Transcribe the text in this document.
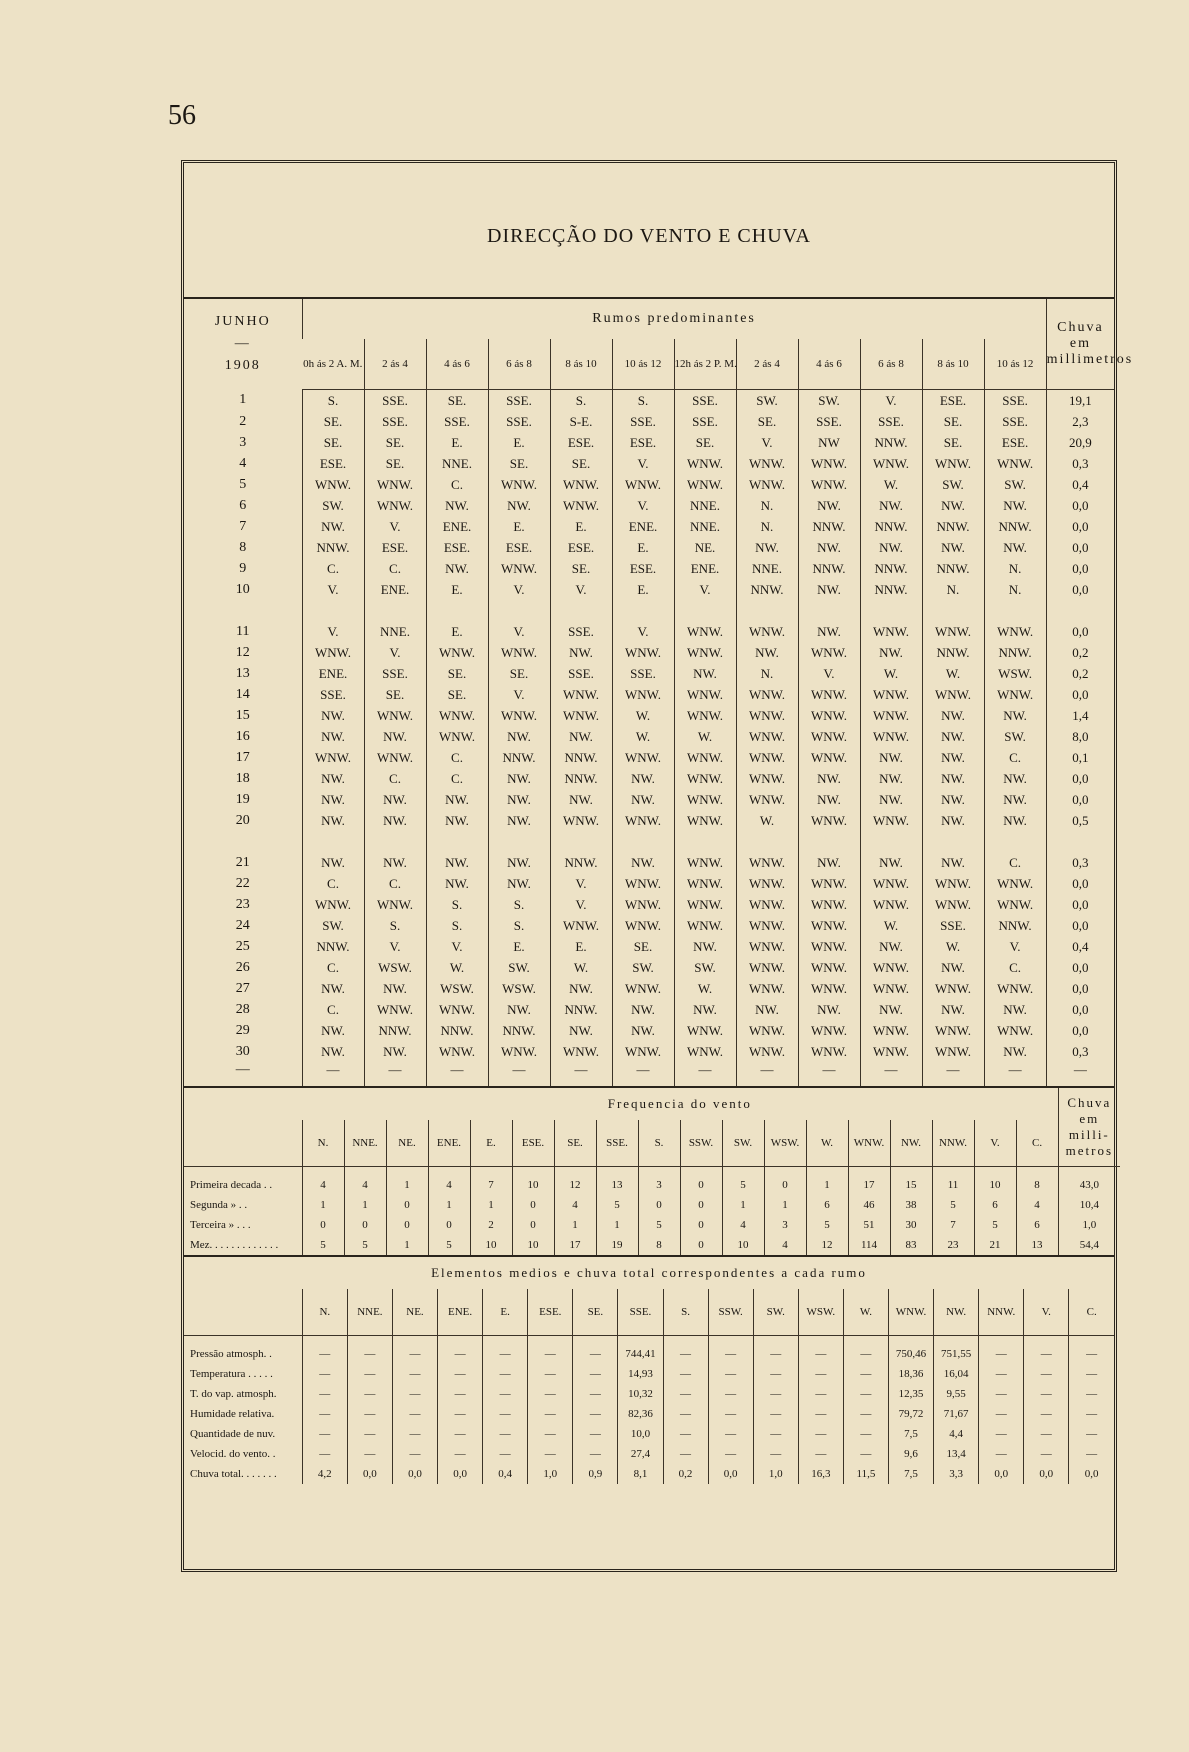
56
DIRECÇÃO DO VENTO E CHUVA
JUNHO
—
1908	Rumos predominantes												Chuva em millimetros
	0h ás 2 A. M.	2 ás 4	4 ás 6	6 ás 8	8 ás 10	10 ás 12	12h ás 2 P. M.	2 ás 4	4 ás 6	6 ás 8	8 ás 10	10 ás 12	
1	S.	SSE.	SE.	SSE.	S.	S.	SSE.	SW.	SW.	V.	ESE.	SSE.	19,1
2	SE.	SSE.	SSE.	SSE.	S-E.	SSE.	SSE.	SE.	SSE.	SSE.	SE.	SSE.	2,3
3	SE.	SE.	E.	E.	ESE.	ESE.	SE.	V.	NW	NNW.	SE.	ESE.	20,9
4	ESE.	SE.	NNE.	SE.	SE.	V.	WNW.	WNW.	WNW.	WNW.	WNW.	WNW.	0,3
5	WNW.	WNW.	C.	WNW.	WNW.	WNW.	WNW.	WNW.	WNW.	W.	SW.	SW.	0,4
6	SW.	WNW.	NW.	NW.	WNW.	V.	NNE.	N.	NW.	NW.	NW.	NW.	0,0
7	NW.	V.	ENE.	E.	E.	ENE.	NNE.	N.	NNW.	NNW.	NNW.	NNW.	0,0
8	NNW.	ESE.	ESE.	ESE.	ESE.	E.	NE.	NW.	NW.	NW.	NW.	NW.	0,0
9	C.	C.	NW.	WNW.	SE.	ESE.	ENE.	NNE.	NNW.	NNW.	NNW.	N.	0,0
10	V.	ENE.	E.	V.	V.	E.	V.	NNW.	NW.	NNW.	N.	N.	0,0

11	V.	NNE.	E.	V.	SSE.	V.	WNW.	WNW.	NW.	WNW.	WNW.	WNW.	0,0
12	WNW.	V.	WNW.	WNW.	NW.	WNW.	WNW.	NW.	WNW.	NW.	NNW.	NNW.	0,2
13	ENE.	SSE.	SE.	SE.	SSE.	SSE.	NW.	N.	V.	W.	W.	WSW.	0,2
14	SSE.	SE.	SE.	V.	WNW.	WNW.	WNW.	WNW.	WNW.	WNW.	WNW.	WNW.	0,0
15	NW.	WNW.	WNW.	WNW.	WNW.	W.	WNW.	WNW.	WNW.	WNW.	NW.	NW.	1,4
16	NW.	NW.	WNW.	NW.	NW.	W.	W.	WNW.	WNW.	WNW.	NW.	SW.	8,0
17	WNW.	WNW.	C.	NNW.	NNW.	WNW.	WNW.	WNW.	WNW.	NW.	NW.	C.	0,1
18	NW.	C.	C.	NW.	NNW.	NW.	WNW.	WNW.	NW.	NW.	NW.	NW.	0,0
19	NW.	NW.	NW.	NW.	NW.	NW.	WNW.	WNW.	NW.	NW.	NW.	NW.	0,0
20	NW.	NW.	NW.	NW.	WNW.	WNW.	WNW.	W.	WNW.	WNW.	NW.	NW.	0,5

21	NW.	NW.	NW.	NW.	NNW.	NW.	WNW.	WNW.	NW.	NW.	NW.	C.	0,3
22	C.	C.	NW.	NW.	V.	WNW.	WNW.	WNW.	WNW.	WNW.	WNW.	WNW.	0,0
23	WNW.	WNW.	S.	S.	V.	WNW.	WNW.	WNW.	WNW.	WNW.	WNW.	WNW.	0,0
24	SW.	S.	S.	S.	WNW.	WNW.	WNW.	WNW.	WNW.	W.	SSE.	NNW.	0,0
25	NNW.	V.	V.	E.	E.	SE.	NW.	WNW.	WNW.	NW.	W.	V.	0,4
26	C.	WSW.	W.	SW.	W.	SW.	SW.	WNW.	WNW.	WNW.	NW.	C.	0,0
27	NW.	NW.	WSW.	WSW.	NW.	WNW.	W.	WNW.	WNW.	WNW.	WNW.	WNW.	0,0
28	C.	WNW.	WNW.	NW.	NNW.	NW.	NW.	NW.	NW.	NW.	NW.	NW.	0,0
29	NW.	NNW.	NNW.	NNW.	NW.	NW.	WNW.	WNW.	WNW.	WNW.	WNW.	WNW.	0,0
30	NW.	NW.	WNW.	WNW.	WNW.	WNW.	WNW.	WNW.	WNW.	WNW.	WNW.	NW.	0,3
—	—	—	—	—	—	—	—	—	—	—	—	—	—
	Frequencia do vento																		Chuva em milli-metros
	N.	NNE.	NE.	ENE.	E.	ESE.	SE.	SSE.	S.	SSW.	SW.	WSW.	W.	WNW.	NW.	NNW.	V.	C.	
Primeira decada . .	4	4	1	4	7	10	12	13	3	0	5	0	1	17	15	11	10	8	43,0
Segunda » . .	1	1	0	1	1	0	4	5	0	0	1	1	6	46	38	5	6	4	10,4
Terceira » . . .	0	0	0	0	2	0	1	1	5	0	4	3	5	51	30	7	5	6	1,0
Mez. . . . . . . . . . . . .	5	5	1	5	10	10	17	19	8	0	10	4	12	114	83	23	21	13	54,4
Elementos medios e chuva total correspondentes a cada rumo																		
	N.	NNE.	NE.	ENE.	E.	ESE.	SE.	SSE.	S.	SSW.	SW.	WSW.	W.	WNW.	NW.	NNW.	V.	C.
Pressão atmosph. .	—	—	—	—	—	—	—	744,41	—	—	—	—	—	750,46	751,55	—	—	—
Temperatura . . . . .	—	—	—	—	—	—	—	14,93	—	—	—	—	—	18,36	16,04	—	—	—
T. do vap. atmosph.	—	—	—	—	—	—	—	10,32	—	—	—	—	—	12,35	9,55	—	—	—
Humidade relativa.	—	—	—	—	—	—	—	82,36	—	—	—	—	—	79,72	71,67	—	—	—
Quantidade de nuv.	—	—	—	—	—	—	—	10,0	—	—	—	—	—	7,5	4,4	—	—	—
Velocid. do vento. .	—	—	—	—	—	—	—	27,4	—	—	—	—	—	9,6	13,4	—	—	—
Chuva total. . . . . . .	4,2	0,0	0,0	0,0	0,4	1,0	0,9	8,1	0,2	0,0	1,0	16,3	11,5	7,5	3,3	0,0	0,0	0,0
